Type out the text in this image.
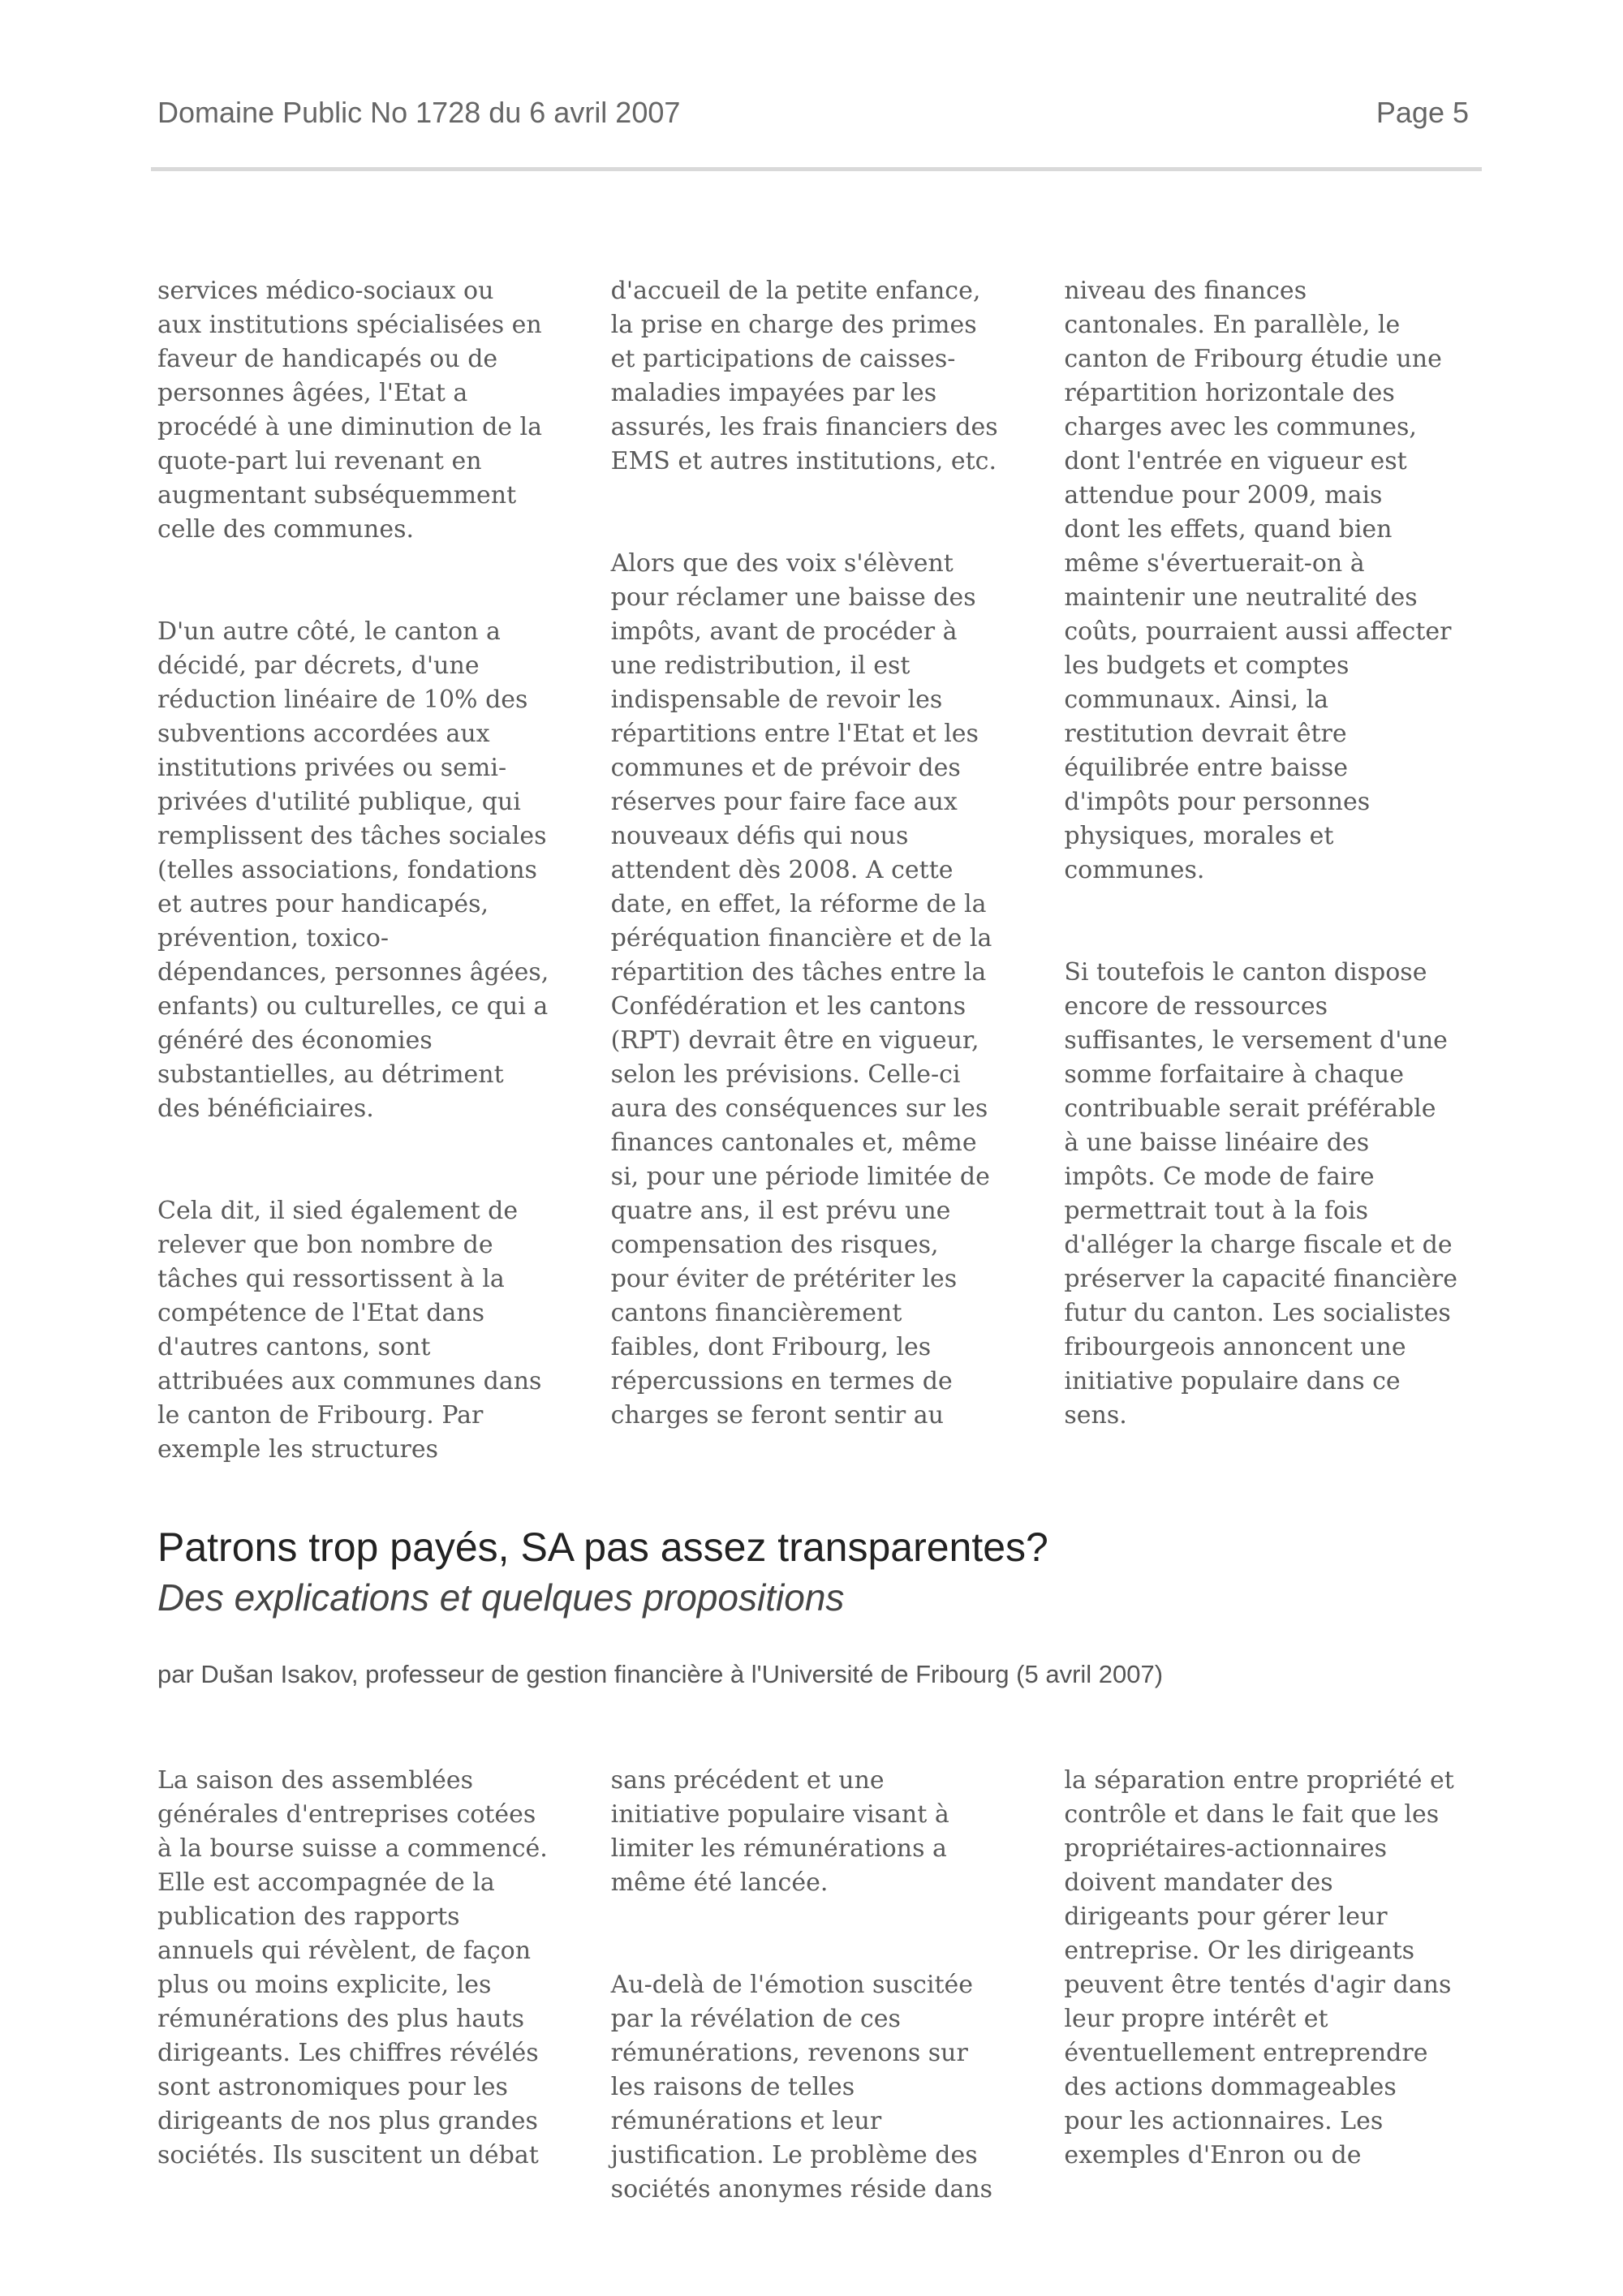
Domaine Public No 1728 du 6 avril 2007	Page 5

services médico-sociaux ou
aux institutions spécialisées en
faveur de handicapés ou de
personnes âgées, l'Etat a
procédé à une diminution de la
quote-part lui revenant en
augmentant subséquemment
celle des communes.

D'un autre côté, le canton a
décidé, par décrets, d'une
réduction linéaire de 10% des
subventions accordées aux
institutions privées ou semi-
privées d'utilité publique, qui
remplissent des tâches sociales
(telles associations, fondations
et autres pour handicapés,
prévention, toxico-
dépendances, personnes âgées,
enfants) ou culturelles, ce qui a
généré des économies
substantielles, au détriment
des bénéficiaires.

Cela dit, il sied également de
relever que bon nombre de
tâches qui ressortissent à la
compétence de l'Etat dans
d'autres cantons, sont
attribuées aux communes dans
le canton de Fribourg. Par
exemple les structures

d'accueil de la petite enfance,
la prise en charge des primes
et participations de caisses-
maladies impayées par les
assurés, les frais financiers des
EMS et autres institutions, etc.

Alors que des voix s'élèvent
pour réclamer une baisse des
impôts, avant de procéder à
une redistribution, il est
indispensable de revoir les
répartitions entre l'Etat et les
communes et de prévoir des
réserves pour faire face aux
nouveaux défis qui nous
attendent dès 2008. A cette
date, en effet, la réforme de la
péréquation financière et de la
répartition des tâches entre la
Confédération et les cantons
(RPT) devrait être en vigueur,
selon les prévisions. Celle-ci
aura des conséquences sur les
finances cantonales et, même
si, pour une période limitée de
quatre ans, il est prévu une
compensation des risques,
pour éviter de prétériter les
cantons financièrement
faibles, dont Fribourg, les
répercussions en termes de
charges se feront sentir au

niveau des finances
cantonales. En parallèle, le
canton de Fribourg étudie une
répartition horizontale des
charges avec les communes,
dont l'entrée en vigueur est
attendue pour 2009, mais
dont les effets, quand bien
même s'évertuerait-on à
maintenir une neutralité des
coûts, pourraient aussi affecter
les budgets et comptes
communaux. Ainsi, la
restitution devrait être
équilibrée entre baisse
d'impôts pour personnes
physiques, morales et
communes.

Si toutefois le canton dispose
encore de ressources
suffisantes, le versement d'une
somme forfaitaire à chaque
contribuable serait préférable
à une baisse linéaire des
impôts. Ce mode de faire
permettrait tout à la fois
d'alléger la charge fiscale et de
préserver la capacité financière
futur du canton. Les socialistes
fribourgeois annoncent une
initiative populaire dans ce
sens.

Patrons trop payés, SA pas assez transparentes?
Des explications et quelques propositions
par Dušan Isakov, professeur de gestion financière à l'Université de Fribourg (5 avril 2007)

La saison des assemblées
générales d'entreprises cotées
à la bourse suisse a commencé.
Elle est accompagnée de la
publication des rapports
annuels qui révèlent, de façon
plus ou moins explicite, les
rémunérations des plus hauts
dirigeants. Les chiffres révélés
sont astronomiques pour les
dirigeants de nos plus grandes
sociétés. Ils suscitent un débat

sans précédent et une
initiative populaire visant à
limiter les rémunérations a
même été lancée.

Au-delà de l'émotion suscitée
par la révélation de ces
rémunérations, revenons sur
les raisons de telles
rémunérations et leur
justification. Le problème des
sociétés anonymes réside dans

la séparation entre propriété et
contrôle et dans le fait que les
propriétaires-actionnaires
doivent mandater des
dirigeants pour gérer leur
entreprise. Or les dirigeants
peuvent être tentés d'agir dans
leur propre intérêt et
éventuellement entreprendre
des actions dommageables
pour les actionnaires. Les
exemples d'Enron ou de
